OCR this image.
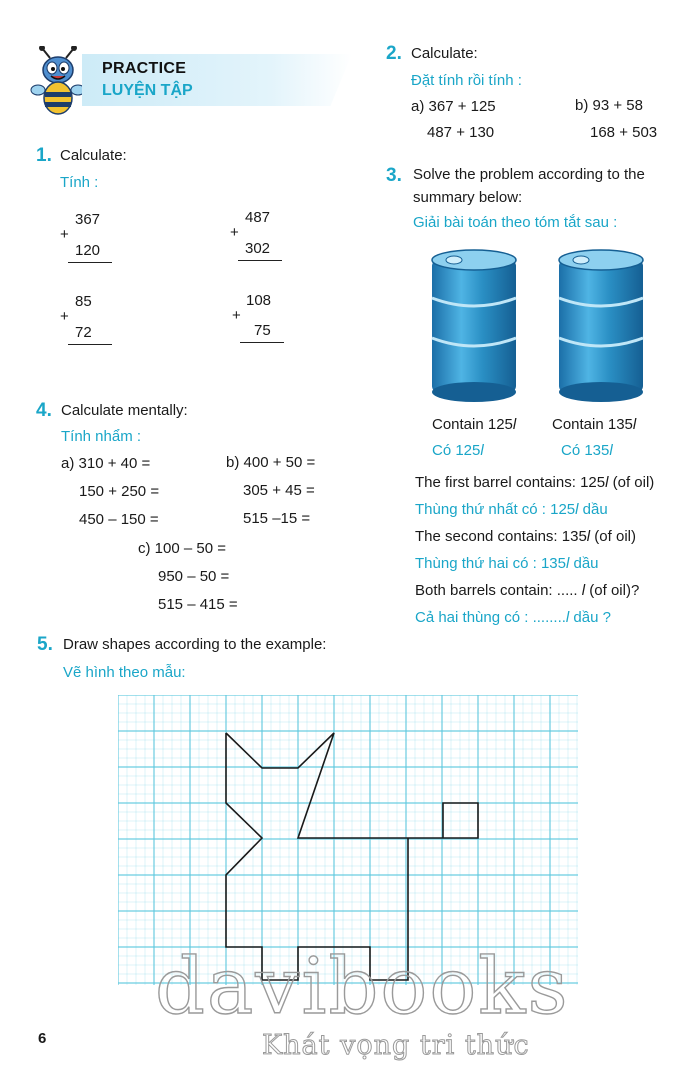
PRACTICE
LUYỆN TẬP
1. Calculate:
Tính :
367
+
120
487
+
302
85
+
72
108
+
75
2. Calculate:
Đặt tính rồi tính :
a) 367 + 125
487 + 130
b) 93 + 58
168 + 503
3. Solve the problem according to the
summary below:
Giải bài toán theo tóm tắt sau :
Contain 125l
Có 125l
Contain 135l
Có 135l
The first barrel contains: 125l (of oil)
Thùng thứ nhất có : 125l dầu
The second contains: 135l (of oil)
Thùng thứ hai có : 135l dầu
Both barrels contain: ..... l (of oil)?
Cả hai thùng có : ........l dầu ?
4. Calculate mentally:
Tính nhẩm :
a) 310 + 40 =
150 + 250 =
450 – 150 =
b) 400 + 50 =
305 + 45 =
515 –15 =
c) 100 – 50 =
950 – 50 =
515 – 415 =
5. Draw shapes according to the example:
Vẽ hình theo mẫu:
davibooks
Khát vọng tri thức
6
